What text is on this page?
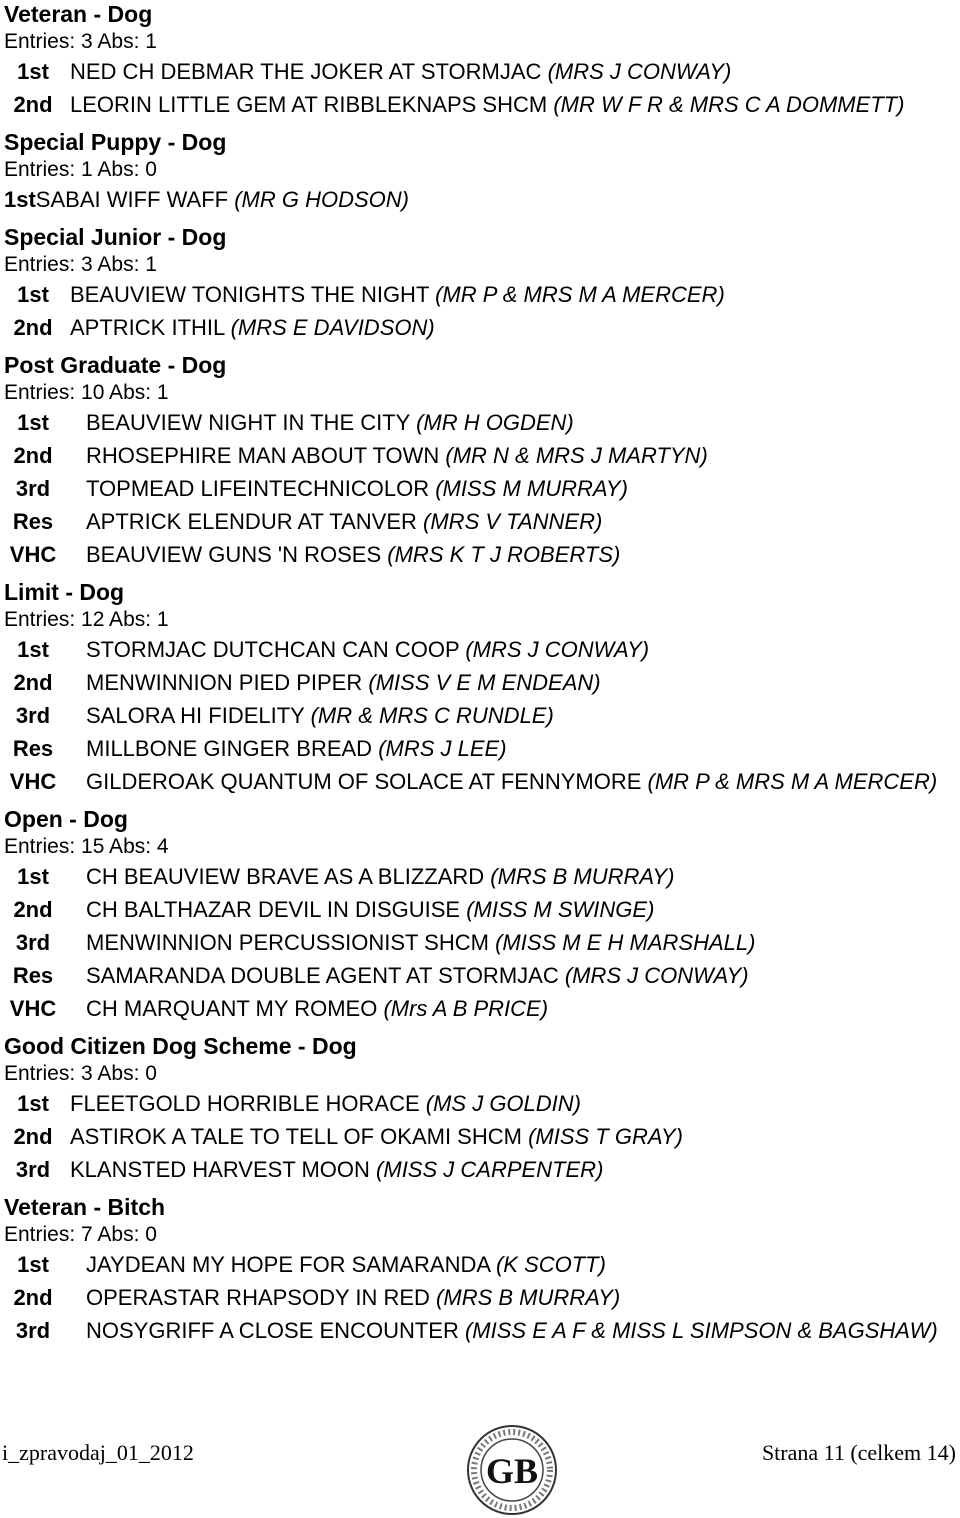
Veteran - Dog
Entries: 3 Abs: 1
1st NED CH DEBMAR THE JOKER AT STORMJAC (MRS J CONWAY)
2nd LEORIN LITTLE GEM AT RIBBLEKNAPS SHCM (MR W F R & MRS C A DOMMETT)
Special Puppy - Dog
Entries: 1 Abs: 0
1st SABAI WIFF WAFF (MR G HODSON)
Special Junior - Dog
Entries: 3 Abs: 1
1st BEAUVIEW TONIGHTS THE NIGHT (MR P & MRS M A MERCER)
2nd APTRICK ITHIL (MRS E DAVIDSON)
Post Graduate - Dog
Entries: 10 Abs: 1
1st	BEAUVIEW NIGHT IN THE CITY (MR H OGDEN)
2nd	RHOSEPHIRE MAN ABOUT TOWN (MR N & MRS J MARTYN)
3rd	TOPMEAD LIFEINTECHNICOLOR (MISS M MURRAY)
Res	APTRICK ELENDUR AT TANVER (MRS V TANNER)
VHC BEAUVIEW GUNS 'N ROSES (MRS K T J ROBERTS)
Limit - Dog
Entries: 12 Abs: 1
1st	STORMJAC DUTCHCAN CAN COOP (MRS J CONWAY)
2nd	MENWINNION PIED PIPER (MISS V E M ENDEAN)
3rd	SALORA HI FIDELITY (MR & MRS C RUNDLE)
Res	MILLBONE GINGER BREAD (MRS J LEE)
VHC GILDEROAK QUANTUM OF SOLACE AT FENNYMORE (MR P & MRS M A MERCER)
Open - Dog
Entries: 15 Abs: 4
1st	CH BEAUVIEW BRAVE AS A BLIZZARD (MRS B MURRAY)
2nd	CH BALTHAZAR DEVIL IN DISGUISE (MISS M SWINGE)
3rd	MENWINNION PERCUSSIONIST SHCM (MISS M E H MARSHALL)
Res	SAMARANDA DOUBLE AGENT AT STORMJAC (MRS J CONWAY)
VHC CH MARQUANT MY ROMEO (Mrs A B PRICE)
Good Citizen Dog Scheme - Dog
Entries: 3 Abs: 0
1st FLEETGOLD HORRIBLE HORACE (MS J GOLDIN)
2nd ASTIROK A TALE TO TELL OF OKAMI SHCM (MISS T GRAY)
3rd KLANSTED HARVEST MOON (MISS J CARPENTER)
Veteran - Bitch
Entries: 7 Abs: 0
1st	JAYDEAN MY HOPE FOR SAMARANDA (K SCOTT)
2nd	OPERASTAR RHAPSODY IN RED (MRS B MURRAY)
3rd	NOSYGRIFF A CLOSE ENCOUNTER (MISS E A F & MISS L SIMPSON & BAGSHAW)
i_zpravodaj_01_2012	GB	Strana 11 (celkem 14)
